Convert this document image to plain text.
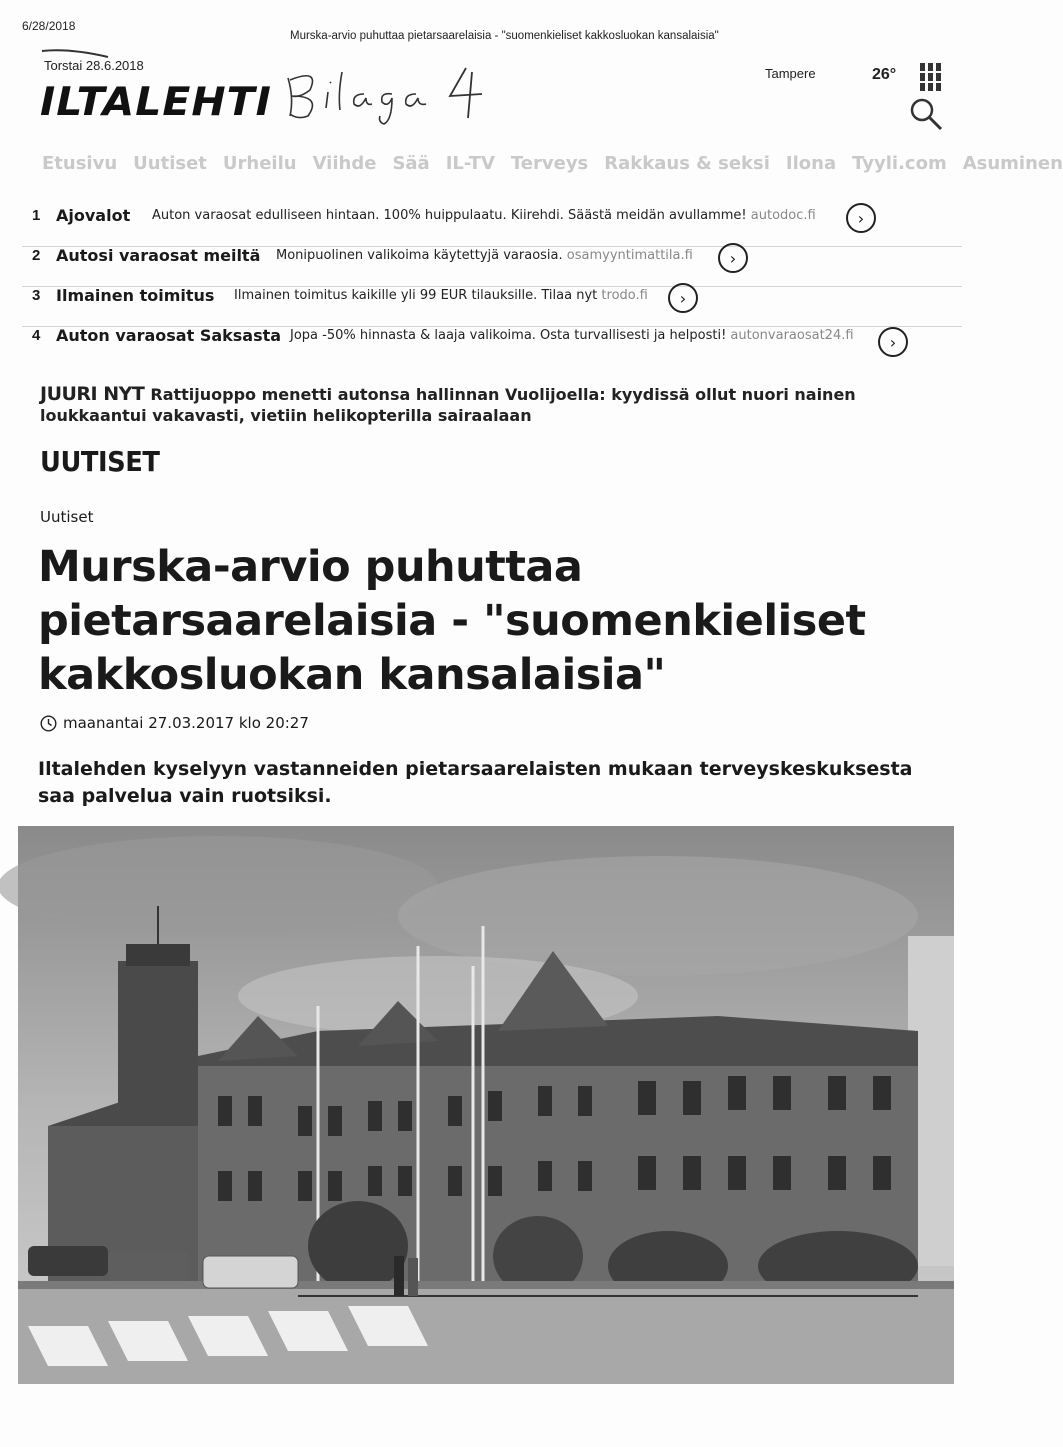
6/28/2018
Murska-arvio puhuttaa pietarsaarelaisia - "suomenkieliset kakkosluokan kansalaisia"
Torstai 28.6.2018
ILTALEHTI
Bilaga 4
Tampere	26°
Etusivu Uutiset Urheilu Viihde Sää IL-TV Terveys Rakkaus & seksi Ilona Tyyli.com Asuminen
1 Ajovalot Auton varaosat edulliseen hintaan. 100% huippulaatu. Kiirehdi. Säästä meidän avullamme! autodoc.fi	›
2 Autosi varaosat meiltä Monipuolinen valikoima käytettyjä varaosia. osamyyntimattila.fi	›
3 Ilmainen toimitus Ilmainen toimitus kaikille yli 99 EUR tilauksille. Tilaa nyt trodo.fi	›
4 Auton varaosat Saksasta Jopa -50% hinnasta & laaja valikoima. Osta turvallisesti ja helposti! autonvaraosat24.fi	›
JUURI NYT Rattijuoppo menetti autonsa hallinnan Vuolijoella: kyydissä ollut nuori nainen loukkaantui vakavasti, vietiin helikopterilla sairaalaan
UUTISET
Uutiset
Murska-arvio puhuttaa pietarsaarelaisia - "suomenkieliset kakkosluokan kansalaisia"
maanantai 27.03.2017 klo 20:27

Iltalehden kyselyyn vastanneiden pietarsaarelaisten mukaan terveyskeskuksesta saa palvelua vain ruotsiksi.
